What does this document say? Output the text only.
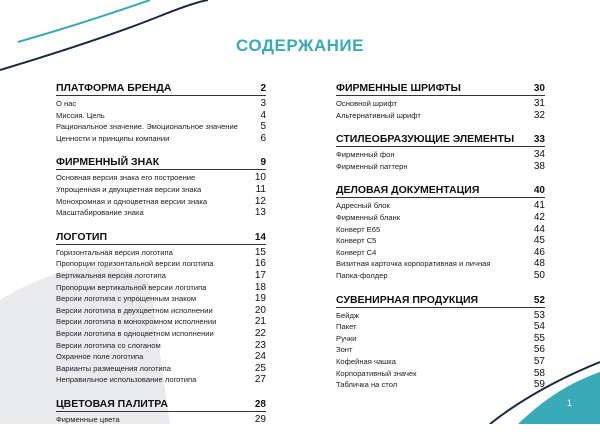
СОДЕРЖАНИЕ
ПЛАТФОРМА БРЕНДА	2
О нас	3
Миссия. Цель	4
Рациональное значение. Эмоциональное значение 5
Ценности и принципы компании	6
ФИРМЕННЫЙ ЗНАК	9
Основная версия знака его построение	10
Упрощенная и двухцветная версии знака	11
Монохромная и одноцветная версии знака	12
Масштабирование знака	13
ЛОГОТИП	14
Горизонтальная версия логотипа	15
Пропорции горизонтальной версии логотипа	16
Вертикальная версия логотипа	17
Пропорции вертикальной версии логотипа	18
Версии логотипа с упрощенным знаком	19
Версии логотипа в двухцветном исполнении	20
Версии логотипа в монохромном исполнении	21
Версии логотипа в одноцветном исполнении	22
Версии логотипа со слоганом	23
Охранное поле логотипа	24
Варианты размещения логотипа	25
Неправильное использование логотипа	27
ЦВЕТОВАЯ ПАЛИТРА	28
Фирменные цвета	29
ФИРМЕННЫЕ ШРИФТЫ	30
Основной шрифт	31
Альтернативный шрифт	32
СТИЛЕОБРАЗУЮЩИЕ ЭЛЕМЕНТЫ 33
Фирменный фон	34
Фирменный паттерн	38
ДЕЛОВАЯ ДОКУМЕНТАЦИЯ	40
Адресный блок	41
Фирменный бланк	42
Конверт Е65	44
Конверт С5	45
Конверт С4	46
Визитная карточка корпоративная и личная	48
Папка-фолдер	50
СУВЕНИРНАЯ ПРОДУКЦИЯ	52
Бейдж	53
Пакет	54
Ручки	55
Зонт	56
Кофейная чашка	57
Корпоративный значек	58
Табличка на стол	59
1
